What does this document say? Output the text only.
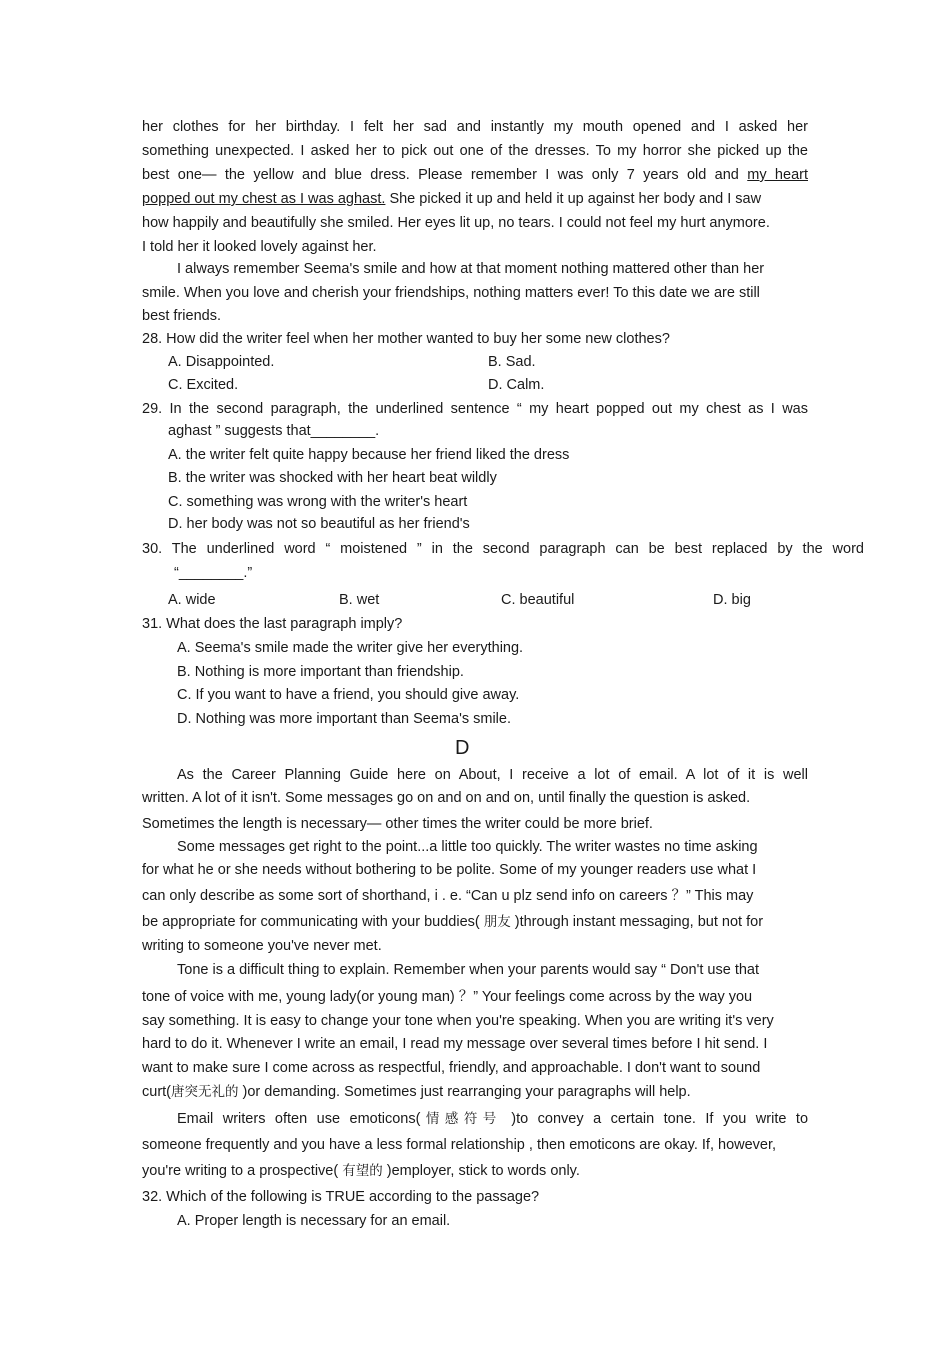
her clothes for her birthday. I felt her sad and instantly my mouth opened and I asked her
something unexpected. I asked her to pick out one of the dresses. To my horror she picked up the
best one— the yellow and blue dress. Please remember I was only 7 years old and my heart
popped out my chest as I was aghast. She picked it up and held it up against her body and I saw
how happily and beautifully she smiled. Her eyes lit up, no tears. I could not feel my hurt anymore.
I told her it looked lovely against her.
I always remember Seema's smile and how at that moment nothing mattered other than her
smile. When you love and cherish your friendships, nothing matters ever! To this date we are still
best friends.
28. How did the writer feel when her mother wanted to buy her some new clothes?
A. Disappointed.	B. Sad.
C. Excited.	D. Calm.
29. In the second paragraph, the underlined sentence “ my heart popped out my chest as I was
aghast ” suggests that________.
A. the writer felt quite happy because her friend liked the dress
B. the writer was shocked with her heart beat wildly
C. something was wrong with the writer's heart
D. her body was not so beautiful as her friend's
30. The underlined word “ moistened ” in the second paragraph can be best replaced by the word
“________.”
A. wide	B. wet	C. beautiful	D. big
31. What does the last paragraph imply?
A. Seema's smile made the writer give her everything.
B. Nothing is more important than friendship.
C. If you want to have a friend, you should give away.
D. Nothing was more important than Seema's smile.
D
As the Career Planning Guide here on About, I receive a lot of email. A lot of it is well
written. A lot of it isn't. Some messages go on and on and on, until finally the question is asked.
Sometimes the length is necessary— other times the writer could be more brief.
Some messages get right to the point...a little too quickly. The writer wastes no time asking
for what he or she needs without bothering to be polite. Some of my younger readers use what I
can only describe as some sort of shorthand, i . e. “Can u plz send info on careers ？” This may
be appropriate for communicating with your buddies( 朋友 )through instant messaging, but not for
writing to someone you've never met.
Tone is a difficult thing to explain. Remember when your parents would say “ Don't use that
tone of voice with me, young lady(or young man) ？” Your feelings come across by the way you
say something. It is easy to change your tone when you're speaking. When you are writing it's very
hard to do it. Whenever I write an email, I read my message over several times before I hit send. I
want to make sure I come across as respectful, friendly, and approachable. I don't want to sound
curt(唐突无礼的 )or demanding. Sometimes just rearranging your paragraphs will help.
Email writers often use emoticons(情感符号 )to convey a certain tone. If you write to
someone frequently and you have a less formal relationship , then emoticons are okay. If, however,
you're writing to a prospective( 有望的 )employer, stick to words only.
32. Which of the following is TRUE according to the passage?
A. Proper length is necessary for an email.
